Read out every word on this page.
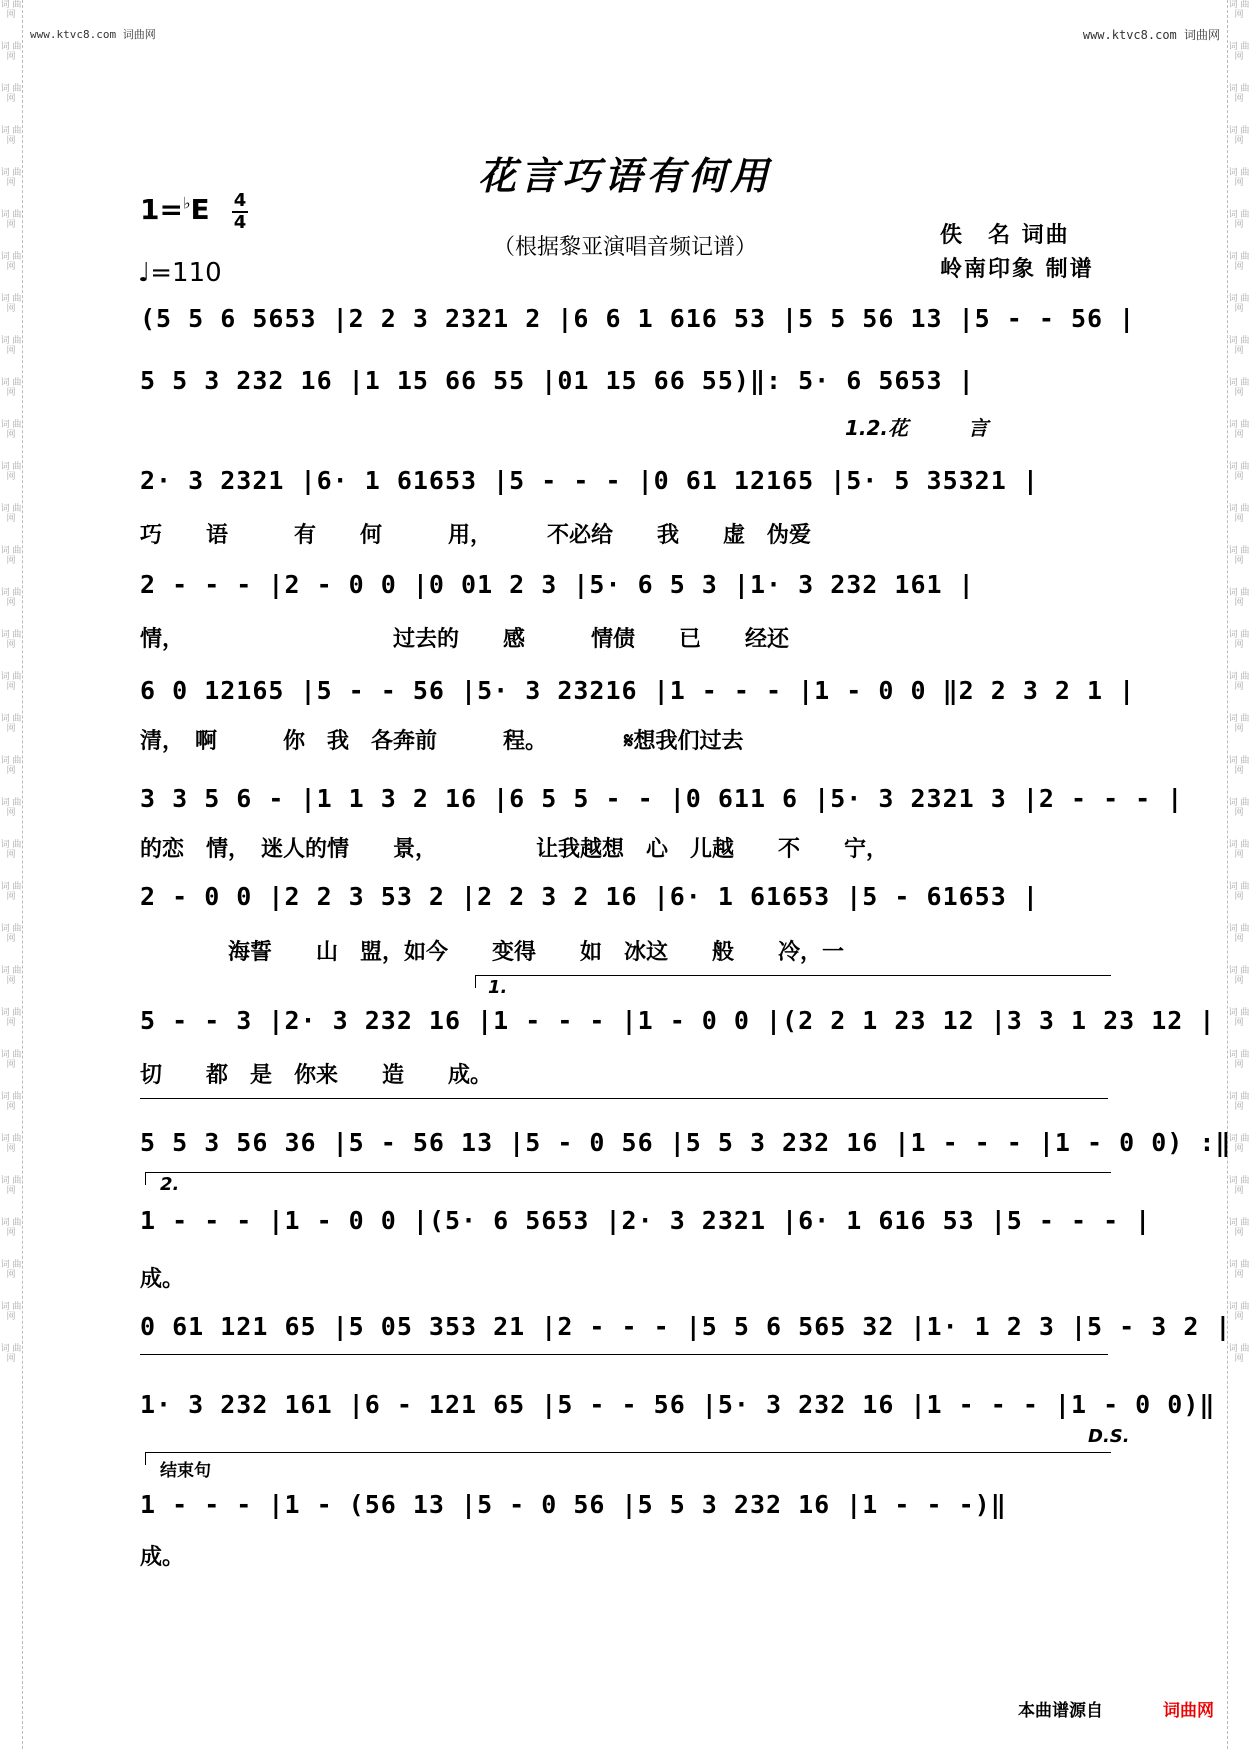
词 曲 网
词 曲 网
词 曲 网
词 曲 网
词 曲 网
词 曲 网
词 曲 网
词 曲 网
词 曲 网
词 曲 网
词 曲 网
词 曲 网
词 曲 网
词 曲 网
词 曲 网
词 曲 网
词 曲 网
词 曲 网
词 曲 网
词 曲 网
词 曲 网
词 曲 网
词 曲 网
词 曲 网
词 曲 网
词 曲 网
词 曲 网
词 曲 网
词 曲 网
词 曲 网
词 曲 网
词 曲 网
词 曲 网
词 曲 网
词 曲 网
词 曲 网
词 曲 网
词 曲 网
词 曲 网
词 曲 网
词 曲 网
词 曲 网
词 曲 网
词 曲 网
词 曲 网
词 曲 网
词 曲 网
词 曲 网
词 曲 网
词 曲 网
词 曲 网
词 曲 网
词 曲 网
词 曲 网
词 曲 网
词 曲 网
词 曲 网
词 曲 网
词 曲 网
词 曲 网
词 曲 网
词 曲 网
词 曲 网
词 曲 网
词 曲 网
词 曲 网
www.ktvc8.com 词曲网	www.ktvc8.com 词曲网
花言巧语有何用
（根据黎亚演唱音频记谱）
1=♭E 4
4
♩=110
佚　名 词曲
岭南印象 制谱
(5 5 6 5653 |2 2 3 2321 2 |6 6 1 616 53 |5 5 56 13 |5 - - 56 |
5 5 3 232 16 |1 15 66 55 |01 15 66 55)‖: 5· 6 5653 |
1.2.花　　　言
2· 3 2321 |6· 1 61653 |5 - - - |0 61 12165 |5· 5 35321 |
巧　　语　　　有　　何　　　用，　　　不必给　　我　　虚　伪爱
2 - - - |2 - 0 0 |0 01 2 3 |5· 6 5 3 |1· 3 232 161 |
情，　　　　　　　　　　过去的　　感　　　情债　　已　　经还
6 0 12165 |5 - - 56 |5· 3 23216 |1 - - - |1 - 0 0 ‖2 2 3 2 1 |
清，　啊　　　你　我　各奔前　　　程。　　　　𝄋想我们过去
3 3 5 6 - |1 1 3 2 16 |6 5 5 - - |0 611 6 |5· 3 2321 3 |2 - - - |
的恋　情，　迷人的情　　景，　　　　　让我越想　心　儿越　　不　　宁，
2 - 0 0 |2 2 3 53 2 |2 2 3 2 16 |6· 1 61653 |5 - 61653 |
　　　　海誓　　山　盟，如今　　变得　　如　冰这　　般　　冷，一
1.
5 - - 3 |2· 3 232 16 |1 - - - |1 - 0 0 |(2 2 1 23 12 |3 3 1 23 12 |
切　　都　是　你来　　造　　成。
5 5 3 56 36 |5 - 56 13 |5 - 0 56 |5 5 3 232 16 |1 - - - |1 - 0 0) :‖
2.
1 - - - |1 - 0 0 |(5· 6 5653 |2· 3 2321 |6· 1 616 53 |5 - - - |
成。
0 61 121 65 |5 05 353 21 |2 - - - |5 5 6 565 32 |1· 1 2 3 |5 - 3 2 |
1· 3 232 161 |6 - 121 65 |5 - - 56 |5· 3 232 16 |1 - - - |1 - 0 0)‖
D.S.
结束句
1 - - - |1 - (56 13 |5 - 0 56 |5 5 3 232 16 |1 - - -)‖
成。
本曲谱源自	词曲网
